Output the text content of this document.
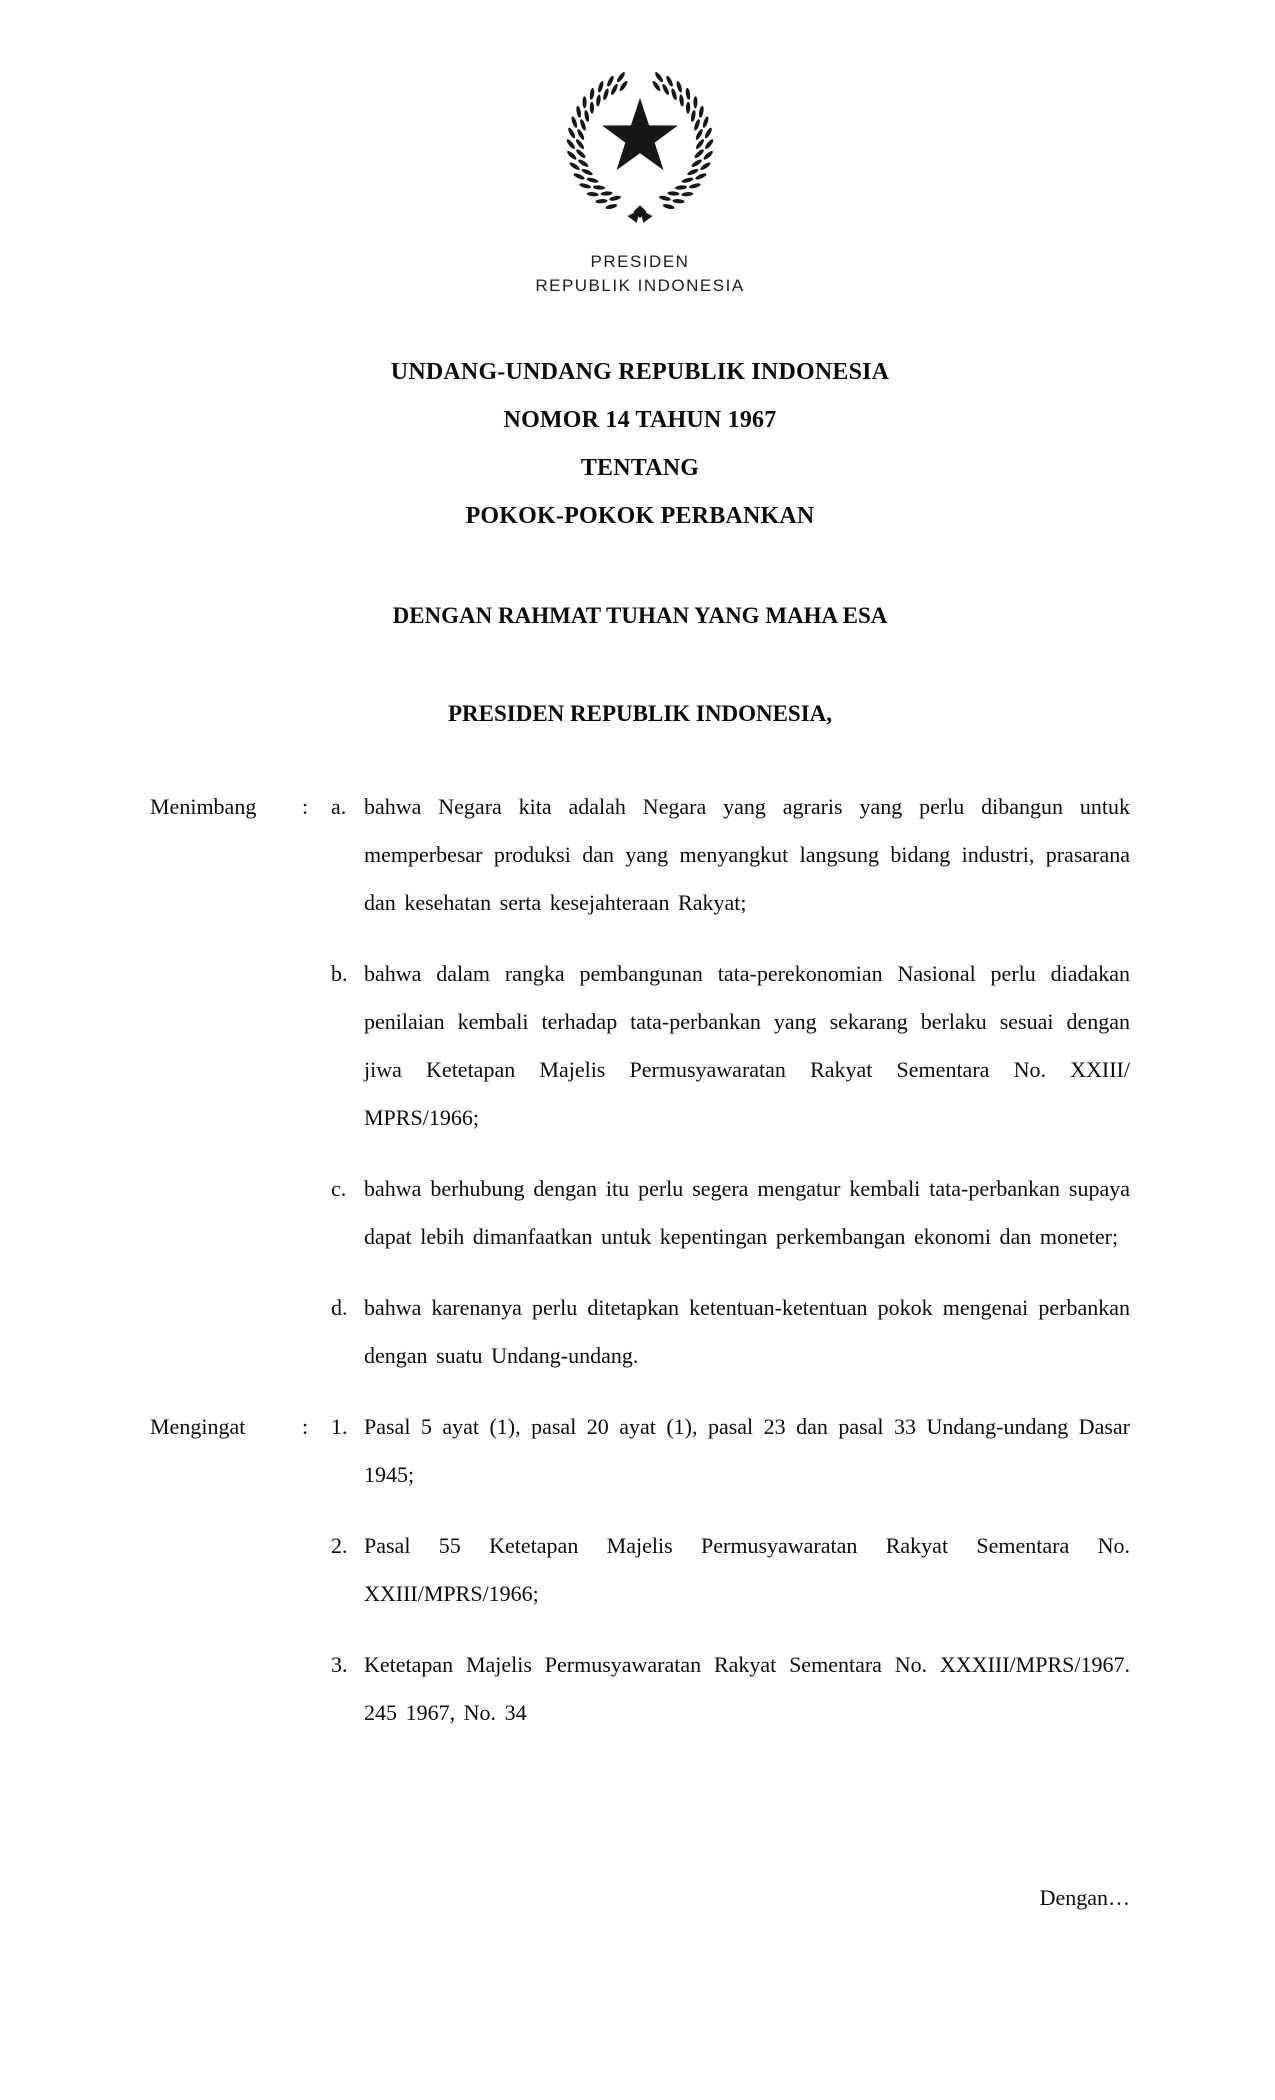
PRESIDEN
REPUBLIK INDONESIA
UNDANG-UNDANG REPUBLIK INDONESIA
NOMOR 14 TAHUN 1967
TENTANG
POKOK-POKOK PERBANKAN
DENGAN RAHMAT TUHAN YANG MAHA ESA
PRESIDEN REPUBLIK INDONESIA,
Menimbang	:	a. bahwa Negara kita adalah Negara yang agraris yang perlu dibangun untuk memperbesar produksi dan yang menyangkut langsung bidang industri, prasarana dan kesehatan serta kesejahteraan Rakyat;
b. bahwa dalam rangka pembangunan tata-perekonomian Nasional perlu diadakan penilaian kembali terhadap tata-perbankan yang sekarang berlaku sesuai dengan jiwa Ketetapan Majelis Permusyawaratan Rakyat Sementara No. XXIII/ MPRS/1966;
c. bahwa berhubung dengan itu perlu segera mengatur kembali tata-perbankan supaya dapat lebih dimanfaatkan untuk kepentingan perkembangan ekonomi dan moneter;
d. bahwa karenanya perlu ditetapkan ketentuan-ketentuan pokok mengenai perbankan dengan suatu Undang-undang.
Mengingat	:	1. Pasal 5 ayat (1), pasal 20 ayat (1), pasal 23 dan pasal 33 Undang-undang Dasar 1945;
2. Pasal 55 Ketetapan Majelis Permusyawaratan Rakyat Sementara No. XXIII/MPRS/1966;
3. Ketetapan Majelis Permusyawaratan Rakyat Sementara No. XXXIII/MPRS/1967. 245 1967, No. 34
Dengan…
